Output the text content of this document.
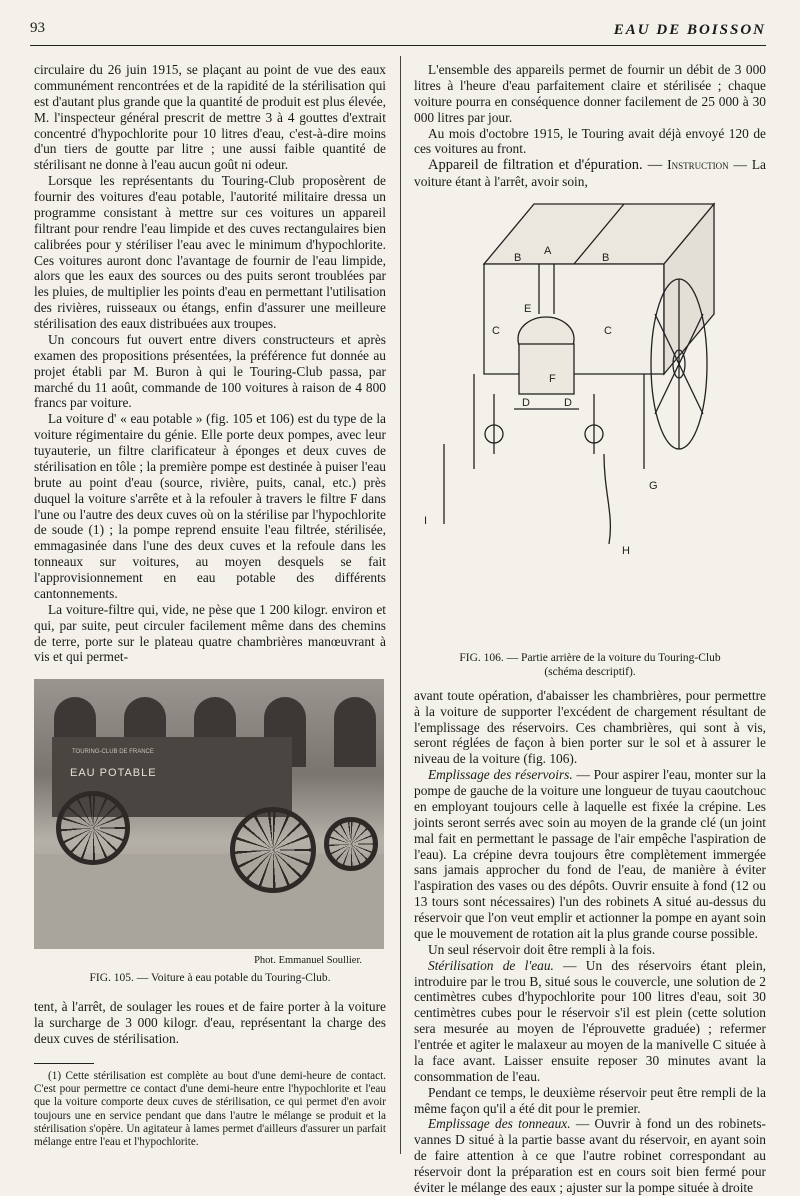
93	EAU DE BOISSON

circulaire du 26 juin 1915, se plaçant au point de vue des eaux communément rencontrées et de la rapidité de la stérilisation qui est d'autant plus grande que la quantité de produit est plus élevée, M. l'inspecteur général prescrit de mettre 3 à 4 gouttes d'extrait concentré d'hypochlorite pour 10 litres d'eau, c'est-à-dire moins d'un tiers de goutte par litre ; une aussi faible quantité de stérilisant ne donne à l'eau aucun goût ni odeur.

Lorsque les représentants du Touring-Club proposèrent de fournir des voitures d'eau potable, l'autorité militaire dressa un programme consistant à mettre sur ces voitures un appareil filtrant pour rendre l'eau limpide et des cuves rectangulaires bien calibrées pour y stériliser l'eau avec le minimum d'hypochlorite. Ces voitures auront donc l'avantage de fournir de l'eau limpide, alors que les eaux des sources ou des puits seront troublées par les pluies, de multiplier les points d'eau en permettant l'utilisation des rivières, ruisseaux ou étangs, enfin d'assurer une meilleure stérilisation des eaux distribuées aux troupes.

Un concours fut ouvert entre divers constructeurs et après examen des propositions présentées, la préférence fut donnée au projet établi par M. Buron à qui le Touring-Club passa, par marché du 11 août, commande de 100 voitures à raison de 4 800 francs par voiture.

La voiture d' « eau potable » (fig. 105 et 106) est du type de la voiture régimentaire du génie. Elle porte deux pompes, avec leur tuyauterie, un filtre clarificateur à éponges et deux cuves de stérilisation en tôle ; la première pompe est destinée à puiser l'eau brute au point d'eau (source, rivière, puits, canal, etc.) près duquel la voiture s'arrête et à la refouler à travers le filtre F dans l'une ou l'autre des deux cuves où on la stérilise par l'hypochlorite de soude (1) ; la pompe reprend ensuite l'eau filtrée, stérilisée, emmagasinée dans l'une des deux cuves et la refoule dans les tonneaux sur voitures, au moyen desquels se fait l'approvisionnement en eau potable des différents cantonnements.

La voiture-filtre qui, vide, ne pèse que 1 200 kilogr. environ et qui, par suite, peut circuler facilement même dans des chemins de terre, porte sur le plateau quatre chambrières manœuvrant à vis et qui permet-

TOURING-CLUB DE FRANCE
EAU POTABLE
Phot. Emmanuel Soullier.
FIG. 105. — Voiture à eau potable du Touring-Club.

tent, à l'arrêt, de soulager les roues et de faire porter à la voiture la surcharge de 3 000 kilogr. d'eau, représentant la charge des deux cuves de stérilisation.

(1) Cette stérilisation est complète au bout d'une demi-heure de contact. C'est pour permettre ce contact d'une demi-heure entre l'hypochlorite et l'eau que la voiture comporte deux cuves de stérilisation, ce qui permet d'en avoir toujours une en service pendant que dans l'autre le mélange se produit et la stérilisation s'opère. Un agitateur à lames permet d'ailleurs d'assurer un parfait mélange entre l'eau et l'hypochlorite.

L'ensemble des appareils permet de fournir un débit de 3 000 litres à l'heure d'eau parfaitement claire et stérilisée ; chaque voiture pourra en conséquence donner facilement de 25 000 à 30 000 litres par jour.

Au mois d'octobre 1915, le Touring avait déjà envoyé 120 de ces voitures au front.

Appareil de filtration et d'épuration. — Instruction — La voiture étant à l'arrêt, avoir soin,

B
A
B
C	C
E
F
D	D
G
H
I
FIG. 106. — Partie arrière de la voiture du Touring-Club
(schéma descriptif).

avant toute opération, d'abaisser les chambrières, pour permettre à la voiture de supporter l'excédent de chargement résultant de l'emplissage des réservoirs. Ces chambrières, qui sont à vis, seront réglées de façon à bien porter sur le sol et à assurer le niveau de la voiture (fig. 106).

Emplissage des réservoirs. — Pour aspirer l'eau, monter sur la pompe de gauche de la voiture une longueur de tuyau caoutchouc en employant toujours celle à laquelle est fixée la crépine. Les joints seront serrés avec soin au moyen de la grande clé (un joint mal fait en permettant le passage de l'air empêche l'aspiration de l'eau). La crépine devra toujours être complètement immergée sans jamais approcher du fond de l'eau, de manière à éviter l'aspiration des vases ou des dépôts. Ouvrir ensuite à fond (12 ou 13 tours sont nécessaires) l'un des robinets A situé au-dessus du réservoir que l'on veut emplir et actionner la pompe en ayant soin que le mouvement de rotation ait la plus grande course possible.

Un seul réservoir doit être rempli à la fois.

Stérilisation de l'eau. — Un des réservoirs étant plein, introduire par le trou B, situé sous le couvercle, une solution de 2 centimètres cubes d'hypochlorite pour 100 litres d'eau, soit 30 centimètres cubes pour le réservoir s'il est plein (cette solution sera mesurée au moyen de l'éprouvette graduée) ; refermer l'entrée et agiter le malaxeur au moyen de la manivelle C située à la face avant. Laisser ensuite reposer 30 minutes avant la consommation de l'eau.

Pendant ce temps, le deuxième réservoir peut être rempli de la même façon qu'il a été dit pour le premier.

Emplissage des tonneaux. — Ouvrir à fond un des robinets-vannes D situé à la partie basse avant du réservoir, en ayant soin de faire attention à ce que l'autre robinet correspondant au réservoir dont la préparation est en cours soit bien fermé pour éviter le mélange des eaux ; ajuster sur la pompe située à droite
